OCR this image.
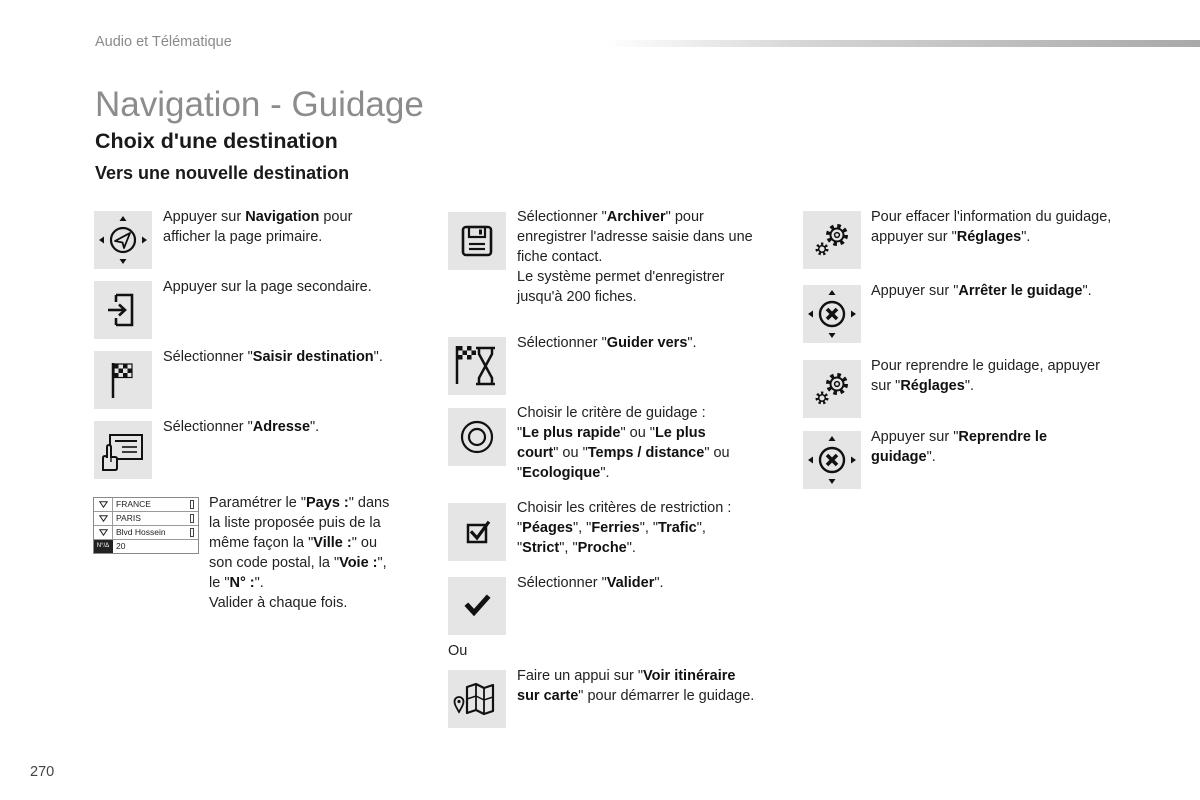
Audio et Télématique
Navigation - Guidage
Choix d'une destination
Vers une nouvelle destination
Appuyer sur Navigation pour
afficher la page primaire.
Appuyer sur la page secondaire.
Sélectionner "Saisir destination".
Sélectionner "Adresse".
FRANCE
PARIS
Blvd Hossein
N°/Δ 20
Paramétrer le "Pays :" dans
la liste proposée puis de la
même façon la "Ville :" ou
son code postal, la "Voie :",
le "N° :".
Valider à chaque fois.
Sélectionner "Archiver" pour
enregistrer l'adresse saisie dans une
fiche contact.
Le système permet d'enregistrer
jusqu'à 200 fiches.
Sélectionner "Guider vers".
Choisir le critère de guidage :
"Le plus rapide" ou "Le plus
court" ou "Temps / distance" ou
"Ecologique".
Choisir les critères de restriction :
"Péages", "Ferries", "Trafic",
"Strict", "Proche".
Sélectionner "Valider".
Ou
Faire un appui sur "Voir itinéraire
sur carte" pour démarrer le guidage.
Pour effacer l'information du guidage,
appuyer sur "Réglages".
Appuyer sur "Arrêter le guidage".
Pour reprendre le guidage, appuyer
sur "Réglages".
Appuyer sur "Reprendre le
guidage".
270
